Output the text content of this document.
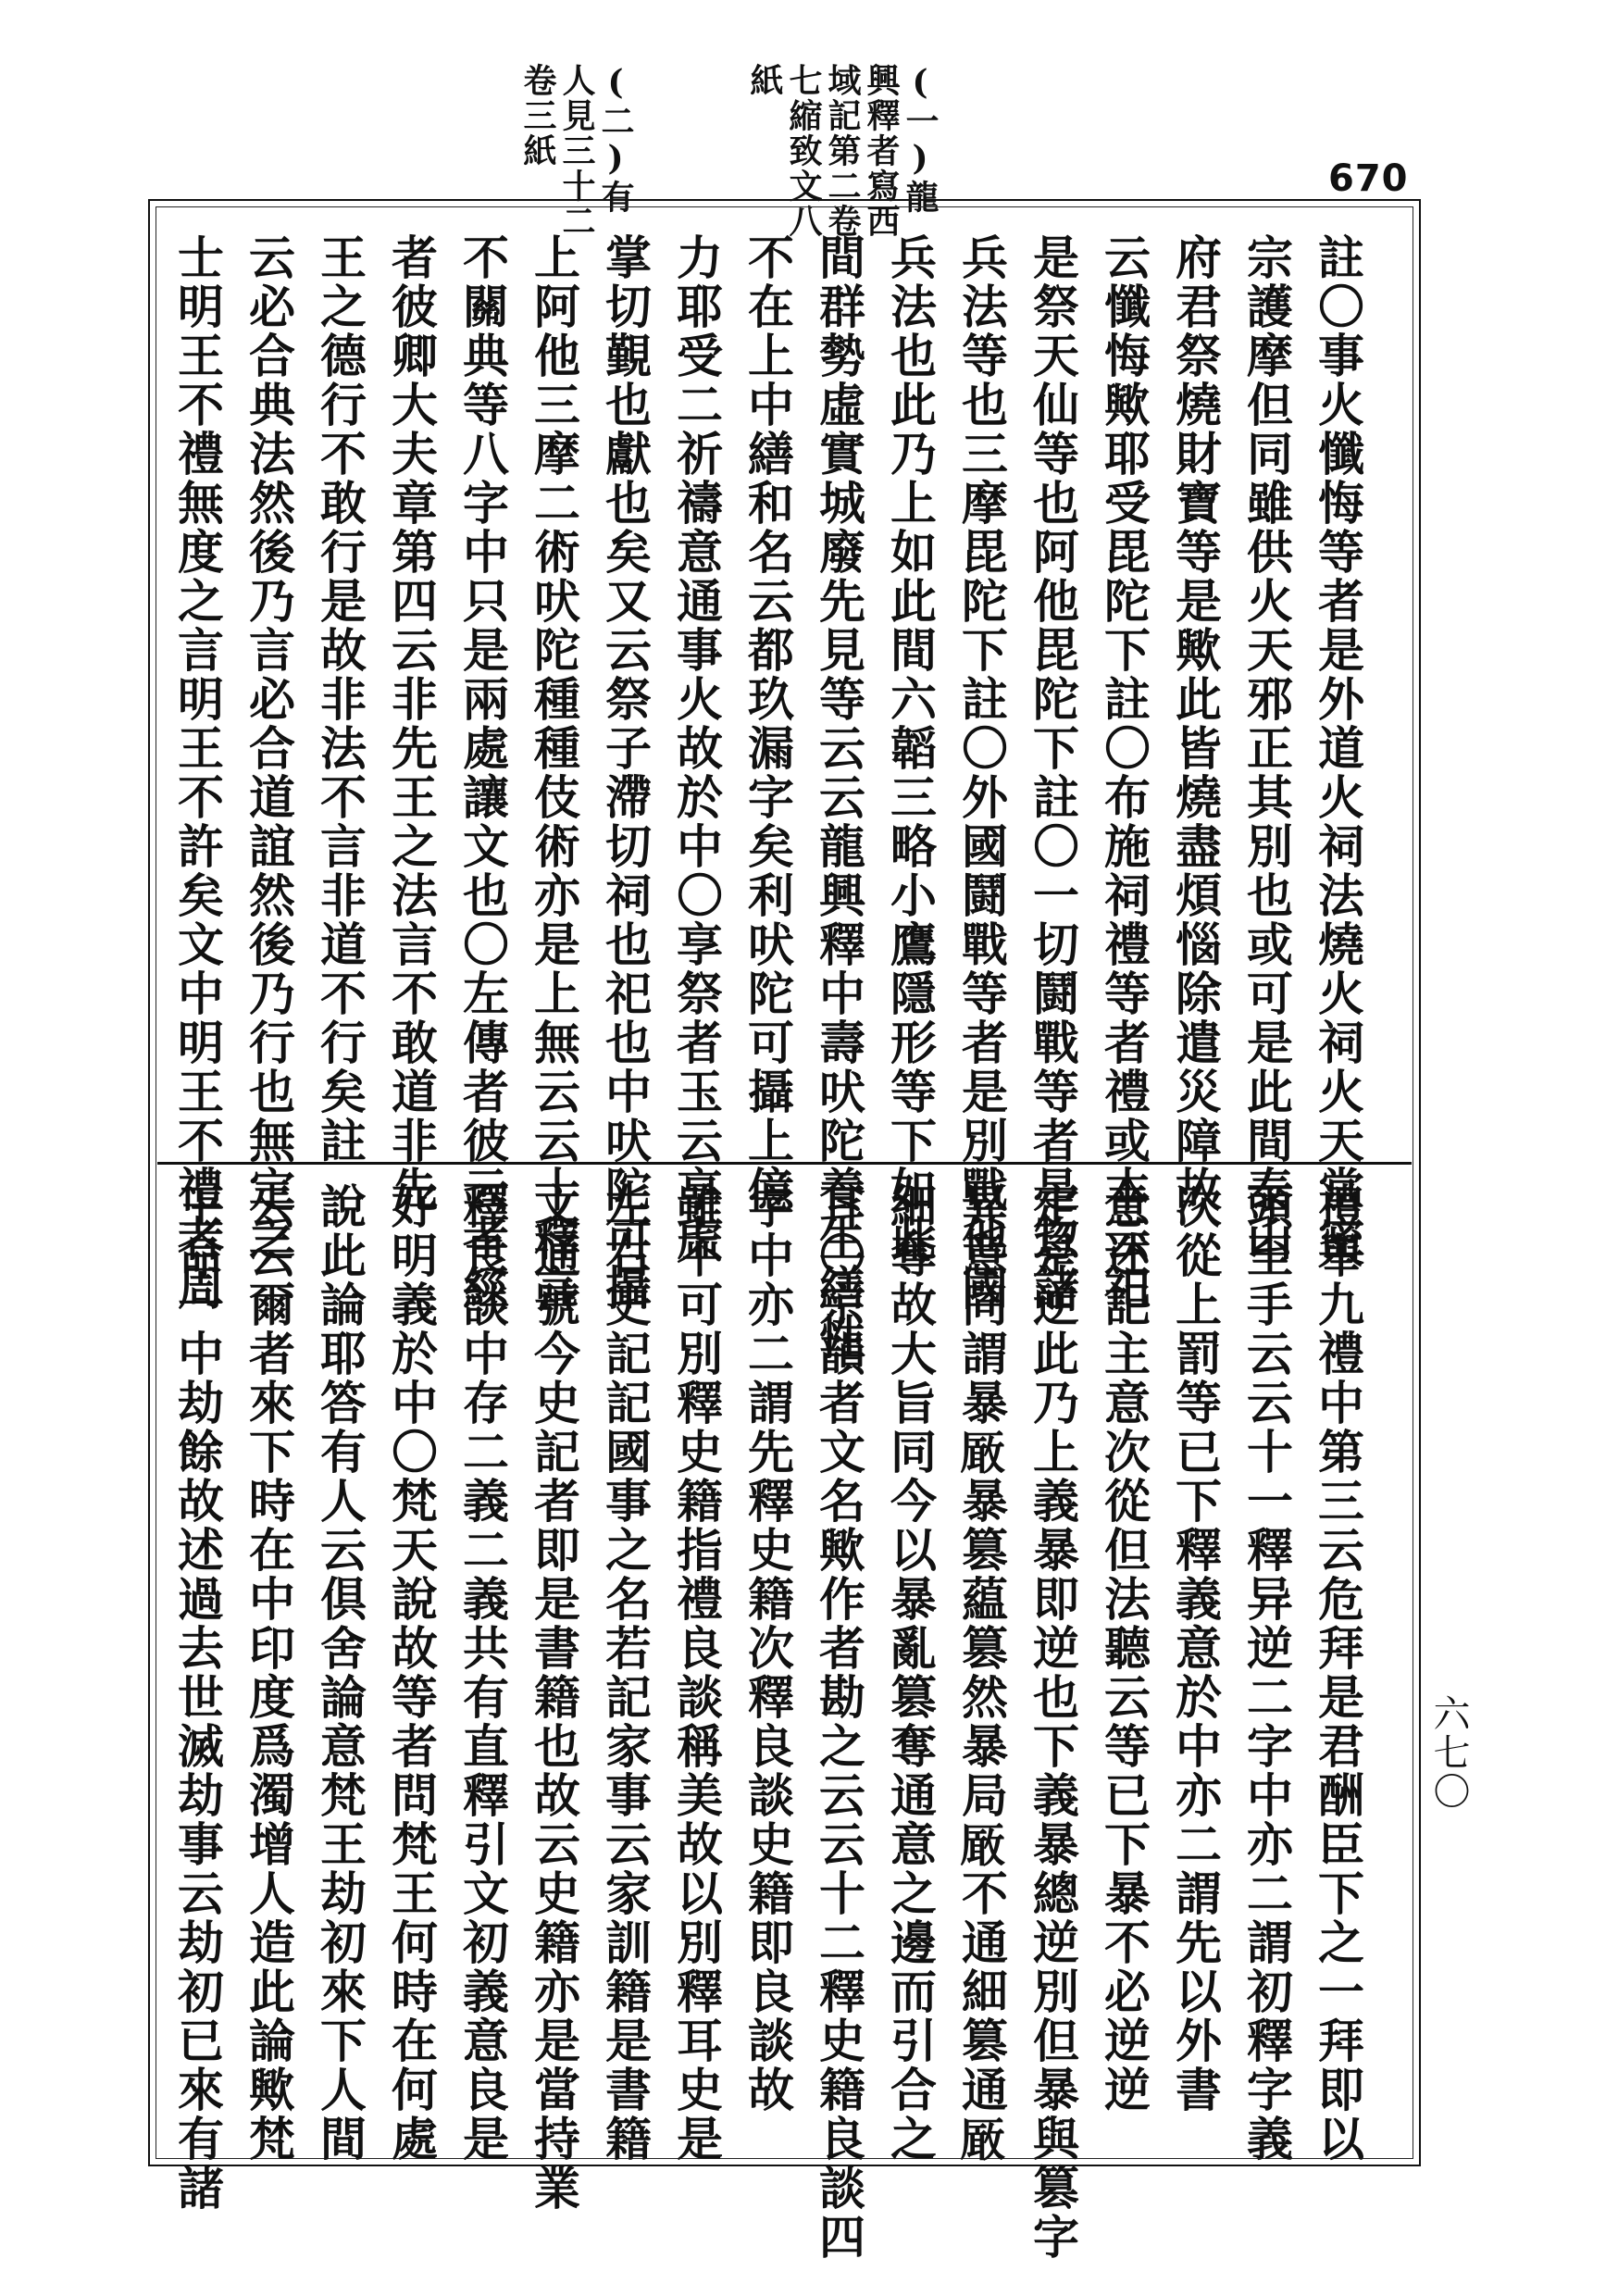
(一)龍興釋者寫西域記第二卷七縮致文八紙
(二)有人見三十二卷三紙
670
六七〇
註〇事火懺悔等者是外道火祠法燒火祠火天當密
宗護摩但同雖供火天邪正其別也或可是此間泰山
府君祭燒財寶等是歟此皆燒盡煩惱除遣災障故
云懺悔歟耶受毘陀下註〇布施祠禮等者禮或本云祀
是祭天仙等也阿他毘陀下註〇一切鬪戰等者是惣諸
兵法等也三摩毘陀下註〇外國鬪戰等者是別戰他國
兵法也此乃上如此間六韜三略小鷹隱形等下如此
間群勢虛實城廢先見等云云龍興釋中壽吠陀養生繕性
不在上中繕和名云都玖漏字矣利吠陀可攝上億
力耶受二祈禱意通事火故於中〇享祭者玉云享虛
掌切覲也獻也矣又云祭子滯切祠也祀也中吠陀可攝
上阿他三摩二術吠陀種種伎術亦是上無云云十釋言
不關典等八字中只是兩處讓文也〇左傳者彼云孝經
者彼卿大夫章第四云非先王之法言不敢道非先
王之德行不敢行是故非法不言非道不行矣註
云必合典法然後乃言必合道誼然後乃行也無定之
士明王不禮無度之言明王不許矣文中明王不禮者周
禮舉九禮中第三云危拜是君酬臣下之一拜即以
頭至手云云十一釋异逆二字中亦二謂初釋字義
次從上罰等已下釋義意於中亦二謂先以外書
意述記主意次從但法聽云等已下暴不必逆逆
定是逆此乃上義暴即逆也下義暴總逆別但暴與篡字
異意同謂暴𠪚暴篡藴篡然暴局𠪚不通細篡通𠪚
細奪故大旨同今以暴亂篡奪通意之邊而引合之
耳〇宗韻者文名歟作者勘之云云十二釋史籍良談四
字中亦二謂先釋史籍次釋良談史籍即良談故
雖不可別釋史籍指禮良談稱美故以別釋耳史是
左右史記記國事之名若記家事云家訓籍是書籍
文通號今史記者即是書籍也故云史籍亦是當持業
釋良談中存二義二義共有直釋引文初義意良是
好明義於中〇梵天說故等者問梵王何時在何處
說此論耶答有人云倶舍論意梵王劫初來下人間
云云爾者來下時在中印度爲濁增人造此論歟梵
王命一中劫餘故述過去世滅劫事云劫初已來有諸
